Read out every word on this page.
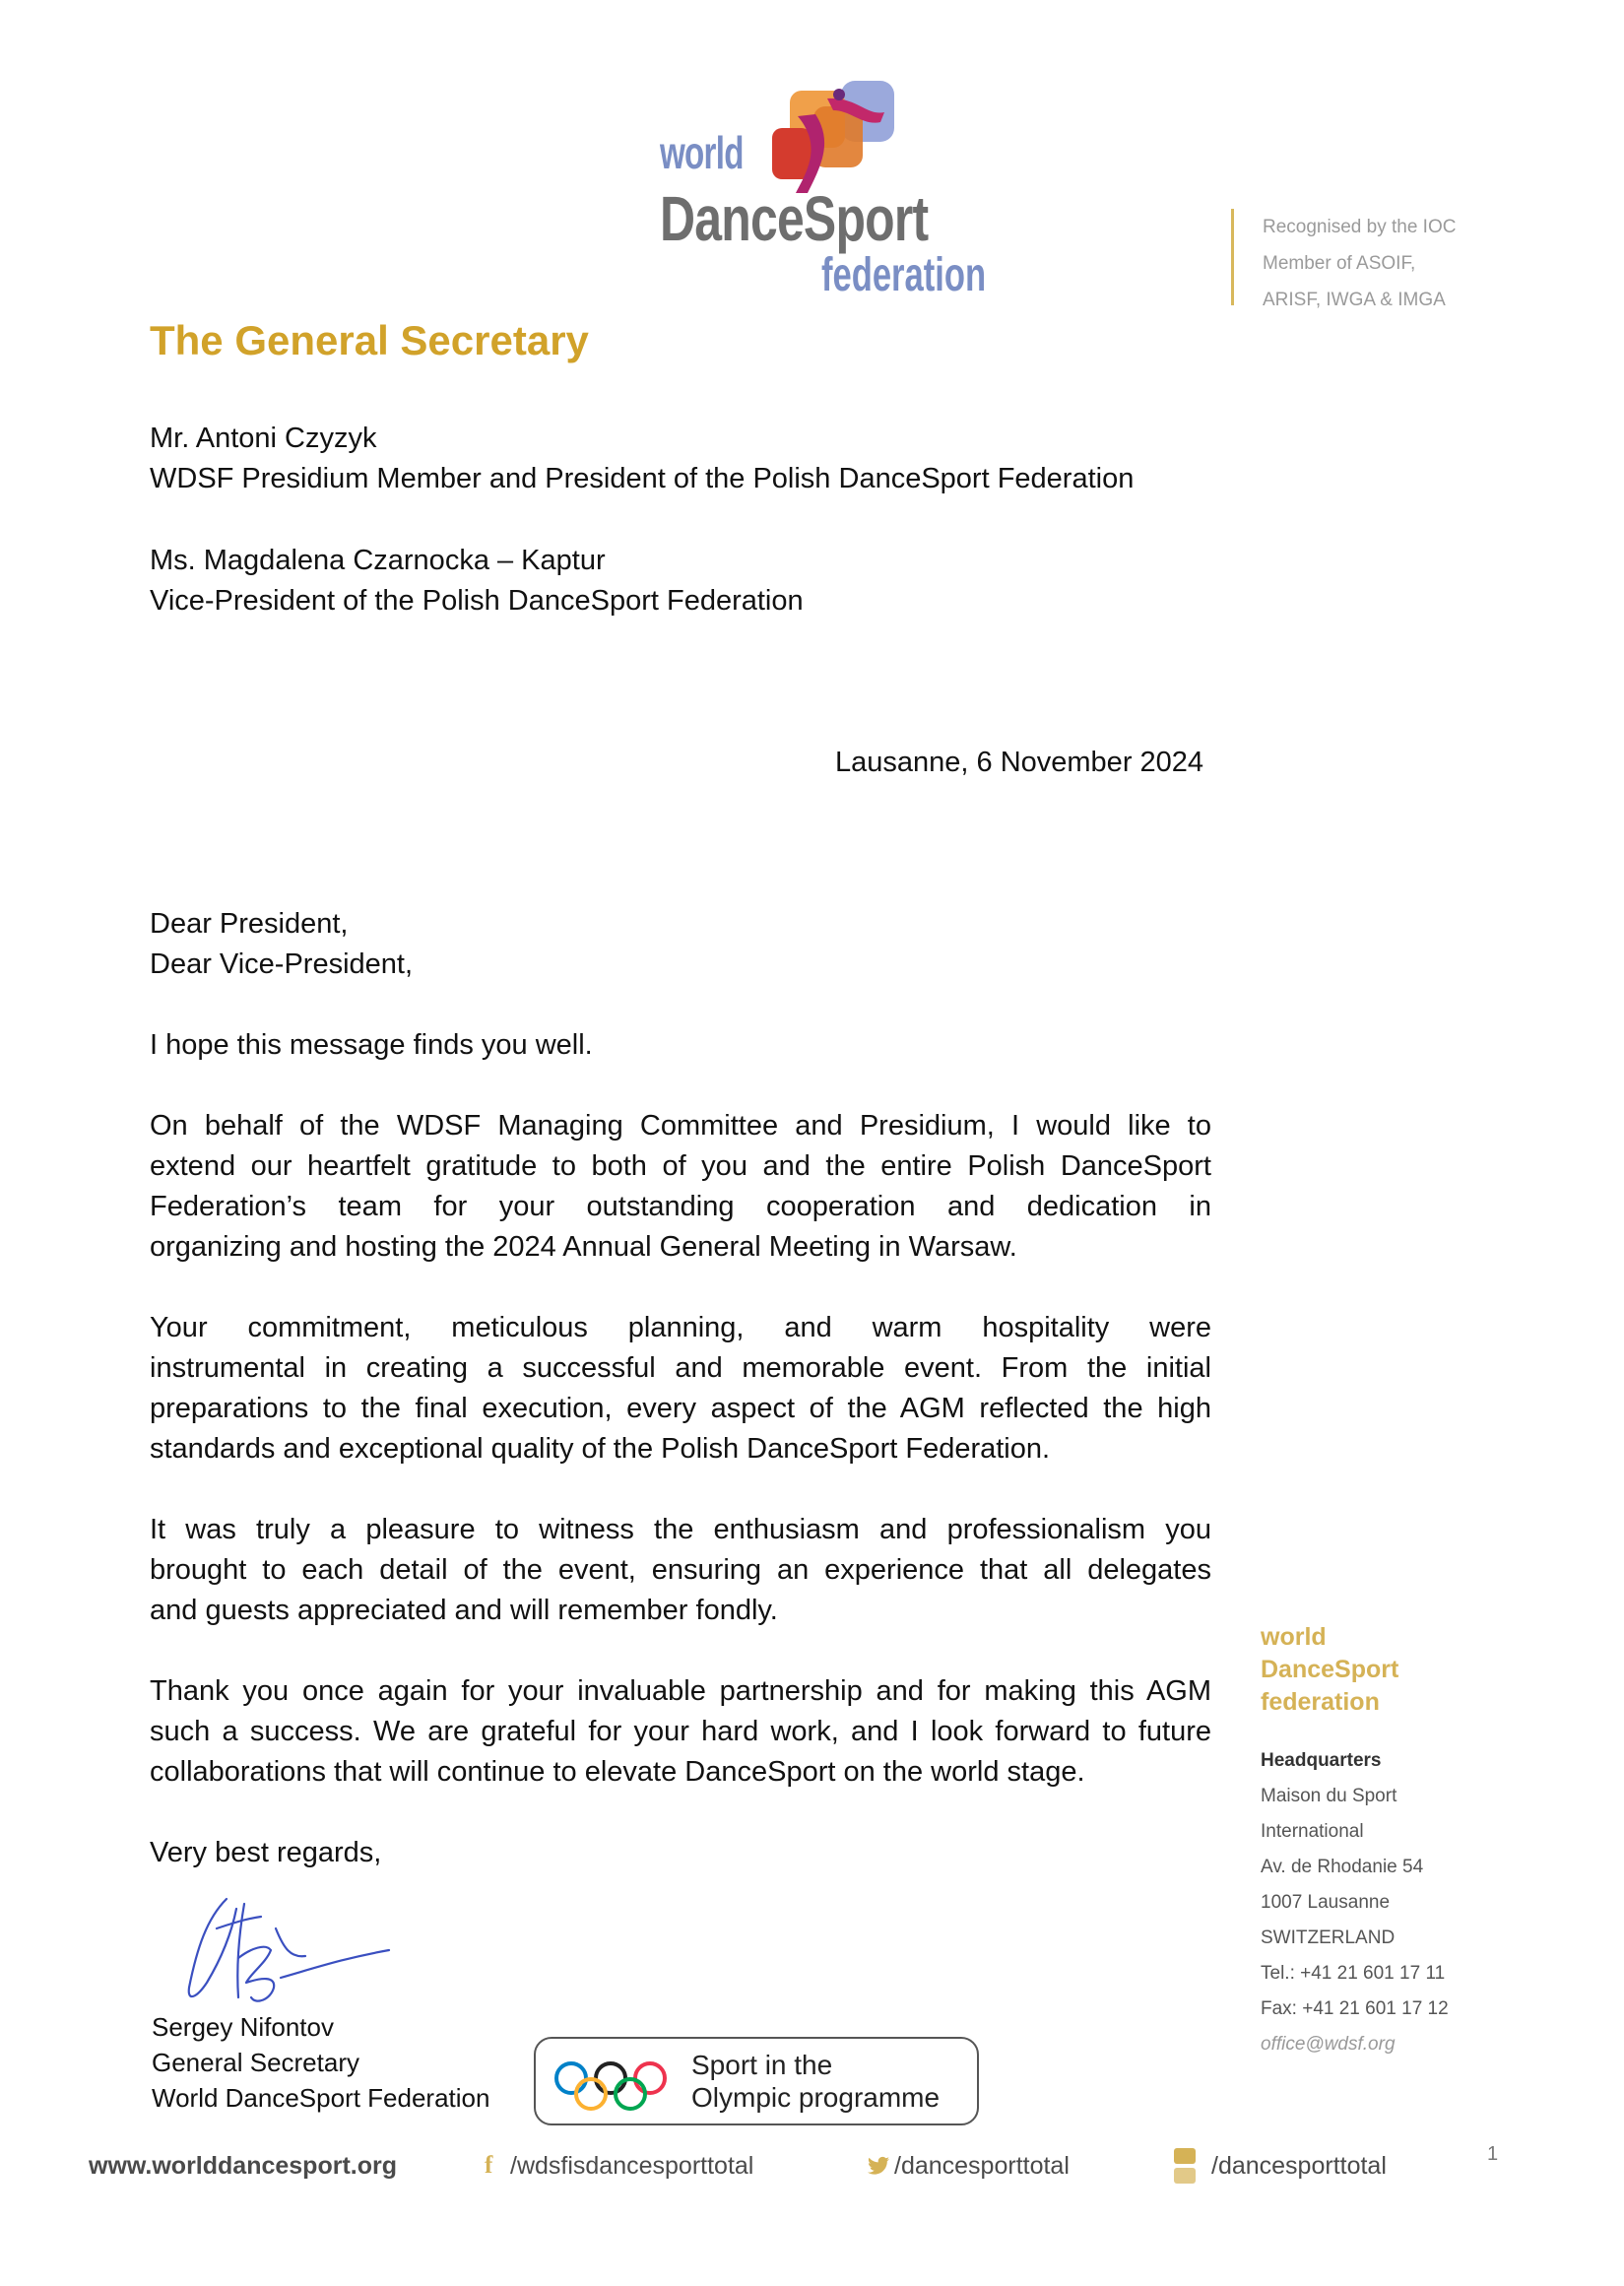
world
DanceSport
federation
Recognised by the IOC
Member of ASOIF,
ARISF, IWGA & IMGA
The General Secretary
Mr. Antoni Czyzyk
WDSF Presidium Member and President of the Polish DanceSport Federation
Ms. Magdalena Czarnocka – Kaptur
Vice-President of the Polish DanceSport Federation
Lausanne, 6 November 2024
Dear President,
Dear Vice-President,
I hope this message finds you well.
On behalf of the WDSF Managing Committee and Presidium, I would like to
extend our heartfelt gratitude to both of you and the entire Polish DanceSport
Federation’s team for your outstanding cooperation and dedication in
organizing and hosting the 2024 Annual General Meeting in Warsaw.
Your commitment, meticulous planning, and warm hospitality were
instrumental in creating a successful and memorable event. From the initial
preparations to the final execution, every aspect of the AGM reflected the high
standards and exceptional quality of the Polish DanceSport Federation.
It was truly a pleasure to witness the enthusiasm and professionalism you
brought to each detail of the event, ensuring an experience that all delegates
and guests appreciated and will remember fondly.
Thank you once again for your invaluable partnership and for making this AGM
such a success. We are grateful for your hard work, and I look forward to future
collaborations that will continue to elevate DanceSport on the world stage.
Very best regards,
Sergey Nifontov
General Secretary
World DanceSport Federation
Sport in the
Olympic programme
world
DanceSport
federation
Headquarters
Maison du Sport
International
Av. de Rhodanie 54
1007 Lausanne
SWITZERLAND
Tel.: +41 21 601 17 11
Fax: +41 21 601 17 12
office@wdsf.org
www.worlddancesport.org	f /wdsfisdancesporttotal	/dancesporttotal	/dancesporttotal	1
